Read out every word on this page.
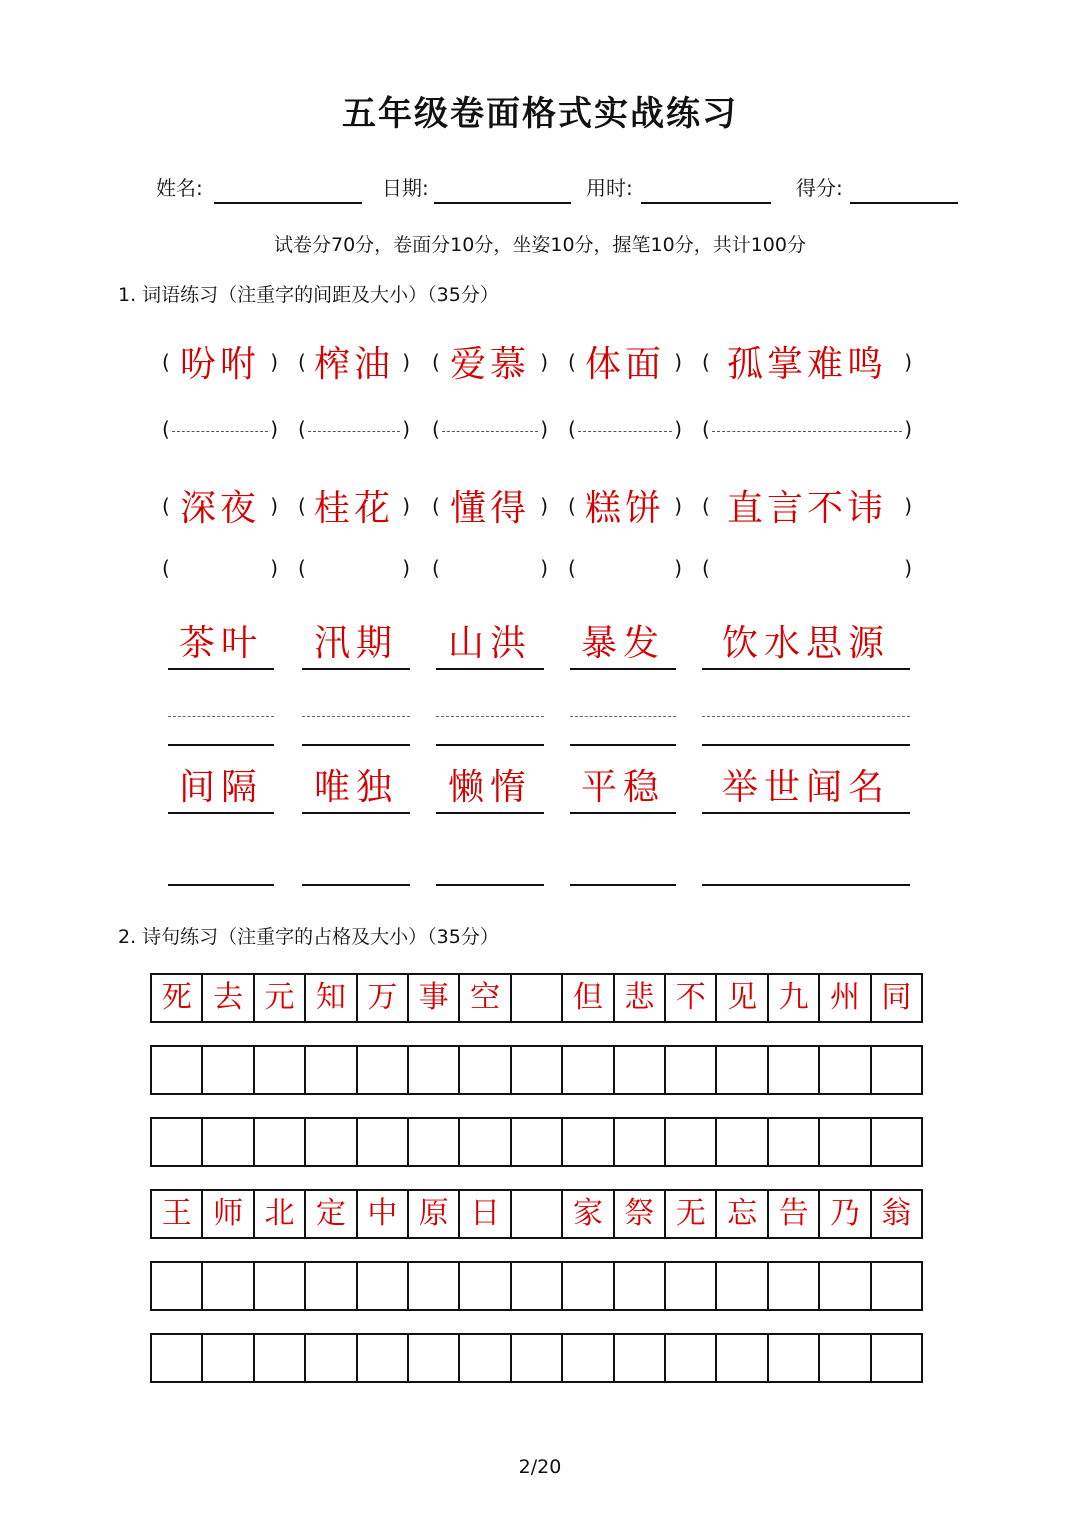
五年级卷面格式实战练习
姓名:	日期:	用时:	得分:
试卷分70分，卷面分10分，坐姿10分，握笔10分，共计100分
1. 词语练习（注重字的间距及大小）（35分）
( 吩咐 ) ( 榨油 ) ( 爱慕 ) ( 体面 ) ( 孤掌难鸣 )
(	) (	) (	) (	) (	)
( 深夜 ) ( 桂花 ) ( 懂得 ) ( 糕饼 ) ( 直言不讳 )
(	) (	) (	) (	) (	)
茶叶	汛期	山洪	暴发	饮水思源
间隔	唯独	懒惰	平稳	举世闻名
2. 诗句练习（注重字的占格及大小）（35分）
死 去 元 知 万 事 空	但 悲 不 见 九 州 同
王 师 北 定 中 原 日	家 祭 无 忘 告 乃 翁
2/20
